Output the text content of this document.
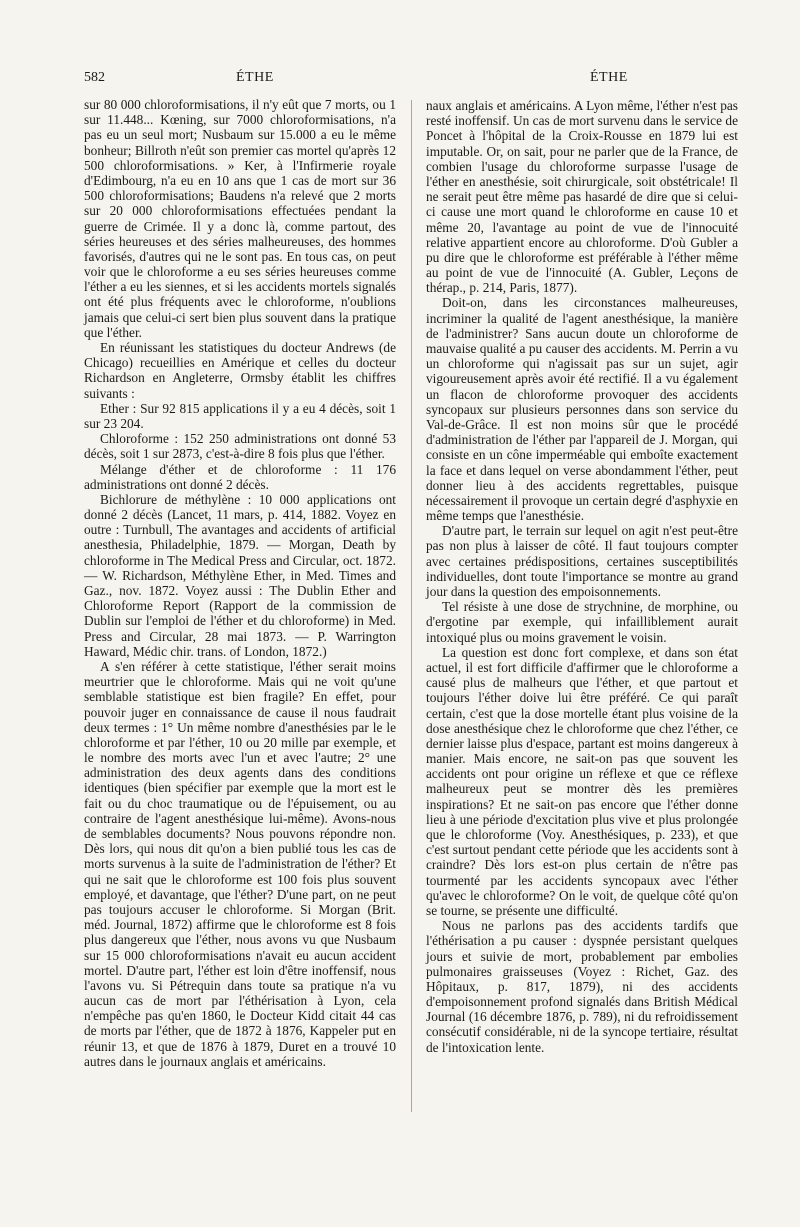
582	ÉTHE	ÉTHE

sur 80 000 chloroformisations, il n'y eût que 7 morts, ou 1 sur 11.448... Kœning, sur 7000 chloroformisations, n'a pas eu un seul mort; Nusbaum sur 15.000 a eu le même bonheur; Billroth n'eût son premier cas mortel qu'après 12 500 chloroformisations. » Ker, à l'Infirmerie royale d'Edimbourg, n'a eu en 10 ans que 1 cas de mort sur 36 500 chloroformisations; Baudens n'a relevé que 2 morts sur 20 000 chloroformisations effectuées pendant la guerre de Crimée. Il y a donc là, comme partout, des séries heureuses et des séries malheureuses, des hommes favorisés, d'autres qui ne le sont pas. En tous cas, on peut voir que le chloroforme a eu ses séries heureuses comme l'éther a eu les siennes, et si les accidents mortels signalés ont été plus fréquents avec le chloroforme, n'oublions jamais que celui-ci sert bien plus souvent dans la pratique que l'éther.

En réunissant les statistiques du docteur Andrews (de Chicago) recueillies en Amérique et celles du docteur Richardson en Angleterre, Ormsby établit les chiffres suivants :

Ether : Sur 92 815 applications il y a eu 4 décès, soit 1 sur 23 204.

Chloroforme : 152 250 administrations ont donné 53 décès, soit 1 sur 2873, c'est-à-dire 8 fois plus que l'éther.

Mélange d'éther et de chloroforme : 11 176 administrations ont donné 2 décès.

Bichlorure de méthylène : 10 000 applications ont donné 2 décès (Lancet, 11 mars, p. 414, 1882. Voyez en outre : Turnbull, The avantages and accidents of artificial anesthesia, Philadelphie, 1879. — Morgan, Death by chloroforme in The Medical Press and Circular, oct. 1872. — W. Richardson, Méthylène Ether, in Med. Times and Gaz., nov. 1872. Voyez aussi : The Dublin Ether and Chloroforme Report (Rapport de la commission de Dublin sur l'emploi de l'éther et du chloroforme) in Med. Press and Circular, 28 mai 1873. — P. Warrington Haward, Médic chir. trans. of London, 1872.)

A s'en référer à cette statistique, l'éther serait moins meurtrier que le chloroforme. Mais qui ne voit qu'une semblable statistique est bien fragile? En effet, pour pouvoir juger en connaissance de cause il nous faudrait deux termes : 1° Un même nombre d'anesthésies par le le chloroforme et par l'éther, 10 ou 20 mille par exemple, et le nombre des morts avec l'un et avec l'autre; 2° une administration des deux agents dans des conditions identiques (bien spécifier par exemple que la mort est le fait ou du choc traumatique ou de l'épuisement, ou au contraire de l'agent anesthésique lui-même). Avons-nous de semblables documents? Nous pouvons répondre non. Dès lors, qui nous dit qu'on a bien publié tous les cas de morts survenus à la suite de l'administration de l'éther? Et qui ne sait que le chloroforme est 100 fois plus souvent employé, et davantage, que l'éther? D'une part, on ne peut pas toujours accuser le chloroforme. Si Morgan (Brit. méd. Journal, 1872) affirme que le chloroforme est 8 fois plus dangereux que l'éther, nous avons vu que Nusbaum sur 15 000 chloroformisations n'avait eu aucun accident mortel. D'autre part, l'éther est loin d'être inoffensif, nous l'avons vu. Si Pétrequin dans toute sa pratique n'a vu aucun cas de mort par l'éthérisation à Lyon, cela n'empêche pas qu'en 1860, le Docteur Kidd citait 44 cas de morts par l'éther, que de 1872 à 1876, Kappeler put en réunir 13, et que de 1876 à 1879, Duret en a trouvé 10 autres dans le journaux anglais et américains.

naux anglais et américains. A Lyon même, l'éther n'est pas resté inoffensif. Un cas de mort survenu dans le service de Poncet à l'hôpital de la Croix-Rousse en 1879 lui est imputable. Or, on sait, pour ne parler que de la France, de combien l'usage du chloroforme surpasse l'usage de l'éther en anesthésie, soit chirurgicale, soit obstétricale! Il ne serait peut être même pas hasardé de dire que si celui-ci cause une mort quand le chloroforme en cause 10 et même 20, l'avantage au point de vue de l'innocuité relative appartient encore au chloroforme. D'où Gubler a pu dire que le chloroforme est préférable à l'éther même au point de vue de l'innocuité (A. Gubler, Leçons de thérap., p. 214, Paris, 1877).

Doit-on, dans les circonstances malheureuses, incriminer la qualité de l'agent anesthésique, la manière de l'administrer? Sans aucun doute un chloroforme de mauvaise qualité a pu causer des accidents. M. Perrin a vu un chloroforme qui n'agissait pas sur un sujet, agir vigoureusement après avoir été rectifié. Il a vu également un flacon de chloroforme provoquer des accidents syncopaux sur plusieurs personnes dans son service du Val-de-Grâce. Il est non moins sûr que le procédé d'administration de l'éther par l'appareil de J. Morgan, qui consiste en un cône imperméable qui emboîte exactement la face et dans lequel on verse abondamment l'éther, peut donner lieu à des accidents regrettables, puisque nécessairement il provoque un certain degré d'asphyxie en même temps que l'anesthésie.

D'autre part, le terrain sur lequel on agit n'est peut-être pas non plus à laisser de côté. Il faut toujours compter avec certaines prédispositions, certaines susceptibilités individuelles, dont toute l'importance se montre au grand jour dans la question des empoisonnements.

Tel résiste à une dose de strychnine, de morphine, ou d'ergotine par exemple, qui infailliblement aurait intoxiqué plus ou moins gravement le voisin.

La question est donc fort complexe, et dans son état actuel, il est fort difficile d'affirmer que le chloroforme a causé plus de malheurs que l'éther, et que partout et toujours l'éther doive lui être préféré. Ce qui paraît certain, c'est que la dose mortelle étant plus voisine de la dose anesthésique chez le chloroforme que chez l'éther, ce dernier laisse plus d'espace, partant est moins dangereux à manier. Mais encore, ne sait-on pas que souvent les accidents ont pour origine un réflexe et que ce réflexe malheureux peut se montrer dès les premières inspirations? Et ne sait-on pas encore que l'éther donne lieu à une période d'excitation plus vive et plus prolongée que le chloroforme (Voy. Anesthésiques, p. 233), et que c'est surtout pendant cette période que les accidents sont à craindre? Dès lors est-on plus certain de n'être pas tourmenté par les accidents syncopaux avec l'éther qu'avec le chloroforme? On le voit, de quelque côté qu'on se tourne, se présente une difficulté.

Nous ne parlons pas des accidents tardifs que l'éthérisation a pu causer : dyspnée persistant quelques jours et suivie de mort, probablement par embolies pulmonaires graisseuses (Voyez : Richet, Gaz. des Hôpitaux, p. 817, 1879), ni des accidents d'empoisonnement profond signalés dans British Médical Journal (16 décembre 1876, p. 789), ni du refroidissement consécutif considérable, ni de la syncope tertiaire, résultat de l'intoxication lente.
